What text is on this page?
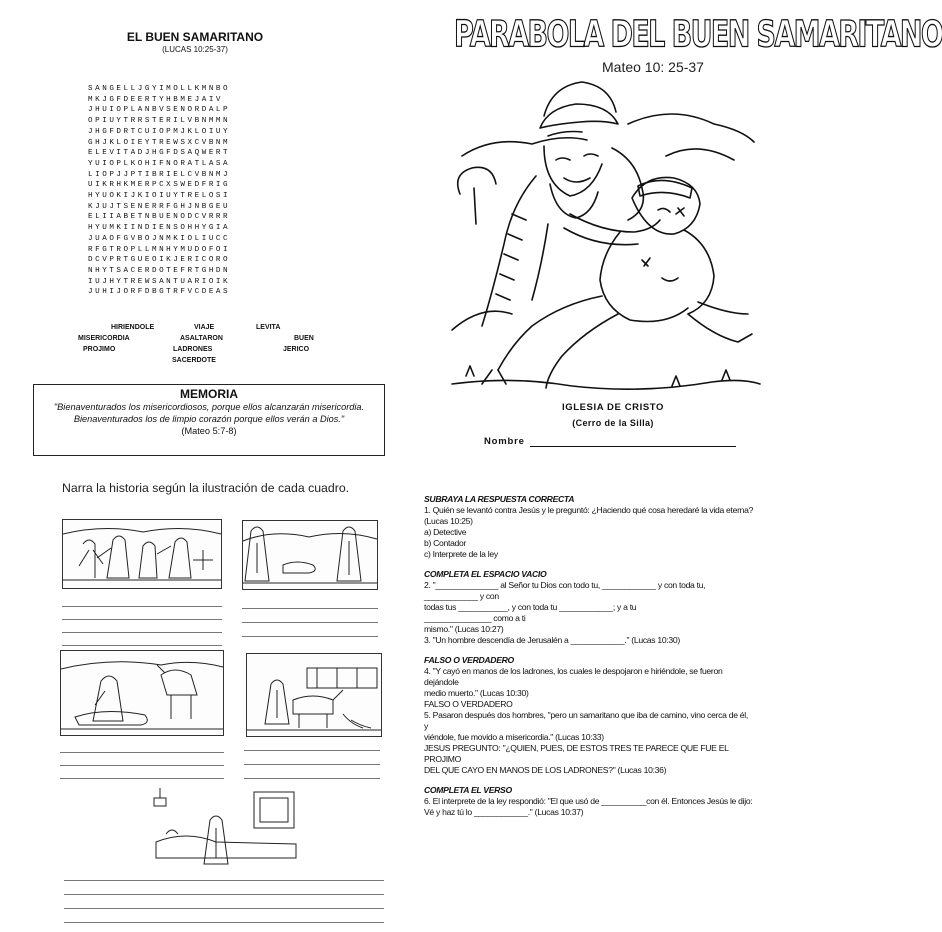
EL BUEN SAMARITANO
(LUCAS 10:25-37)
SANGELLJGYIMOLLKMNBO
MKJGFDEERTYHBMEJAIV
JHUIOPLANBVSENORDALP
OPIUYTRRSTERILVBNMMN
JHGFDRTCUIOPMJKLOIUY
GHJKLOIEYTREWSXCVBNM
ELEVITADJHGFDSAQWERT
YUIOPLKOHIFNORATLASA
LIOPJJPTIBRIELCVBNMJ
UIKRHKMERPCXSWEDFRIG
HYUOKIJKIOIUYTRELOSI
KJUJTSENERRFGHJNBGEU
ELIIABETNBUENODCVRRR
HYUMKIINDIENSOHHYGIA
JUAOFGVBOJNMKIOLIUCC
RFGTROPLLMNHYMUDOFOI
DCVPRTGUEOIKJERICORO
NHYTSACERDOTEFRTGHDN
IUJHYTREWSANTUARIOIK
JUHIJORFDBGTRFVCDEAS
HIRIENDOLE	VIAJE	LEVITA
MISERICORDIA	ASALTARON	BUEN
PROJIMO	LADRONES	JERICO
SACERDOTE
MEMORIA
"Bienaventurados los misericordiosos, porque ellos alcanzarán misericordia.
Bienaventurados los de limpio corazón porque ellos verán a Dios."
(Mateo 5:7-8)
PARABOLA DEL BUEN SAMARITANO
Mateo 10: 25-37
IGLESIA DE CRISTO
(Cerro de la Silla)
Nombre
Narra la historia según la ilustración de cada cuadro.

SUBRAYA LA RESPUESTA CORRECTA

1. Quién se levantó contra Jesús y le preguntó: ¿Haciendo qué cosa heredaré la vida eterna?

(Lucas 10:25)

a) Detective

b) Contador

c) Interprete de la ley

COMPLETA EL ESPACIO VACIO

2. "______________ al Señor tu Dios con todo tu, ____________ y con toda tu,

____________ y con

todas tus ___________, y con toda tu ____________; y a tu

_______________ como a ti

mismo." (Lucas 10:27)

3. "Un hombre descendía de Jerusalén a ____________." (Lucas 10:30)

FALSO O VERDADERO

4. "Y cayó en manos de los ladrones, los cuales le despojaron e hiriéndole, se fueron dejándole

medio muerto." (Lucas 10:30)

FALSO O VERDADERO

5. Pasaron después dos hombres, "pero un samaritano que iba de camino, vino cerca de él, y

viéndole, fue movido a misericordia." (Lucas 10:33)

JESUS PREGUNTO: "¿QUIEN, PUES, DE ESTOS TRES TE PARECE QUE FUE EL PROJIMO

DEL QUE CAYO EN MANOS DE LOS LADRONES?" (Lucas 10:36)

COMPLETA EL VERSO

6. El interprete de la ley respondió: "El que usó de __________con él. Entonces Jesús le dijo:

Vé y haz tú lo ____________." (Lucas 10:37)
